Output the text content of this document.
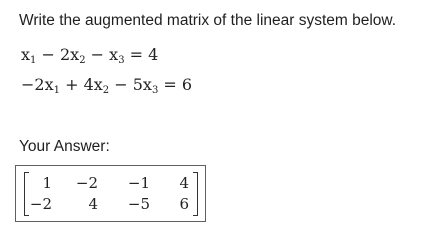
Write the augmented matrix of the linear system below.
$x_1 - 2x_2 - x_3 = 4$
$-2x_1 + 4x_2 - 5x_3 = 6$
Your Answer:
1	−2	−1	4
−2	4	−5	6
